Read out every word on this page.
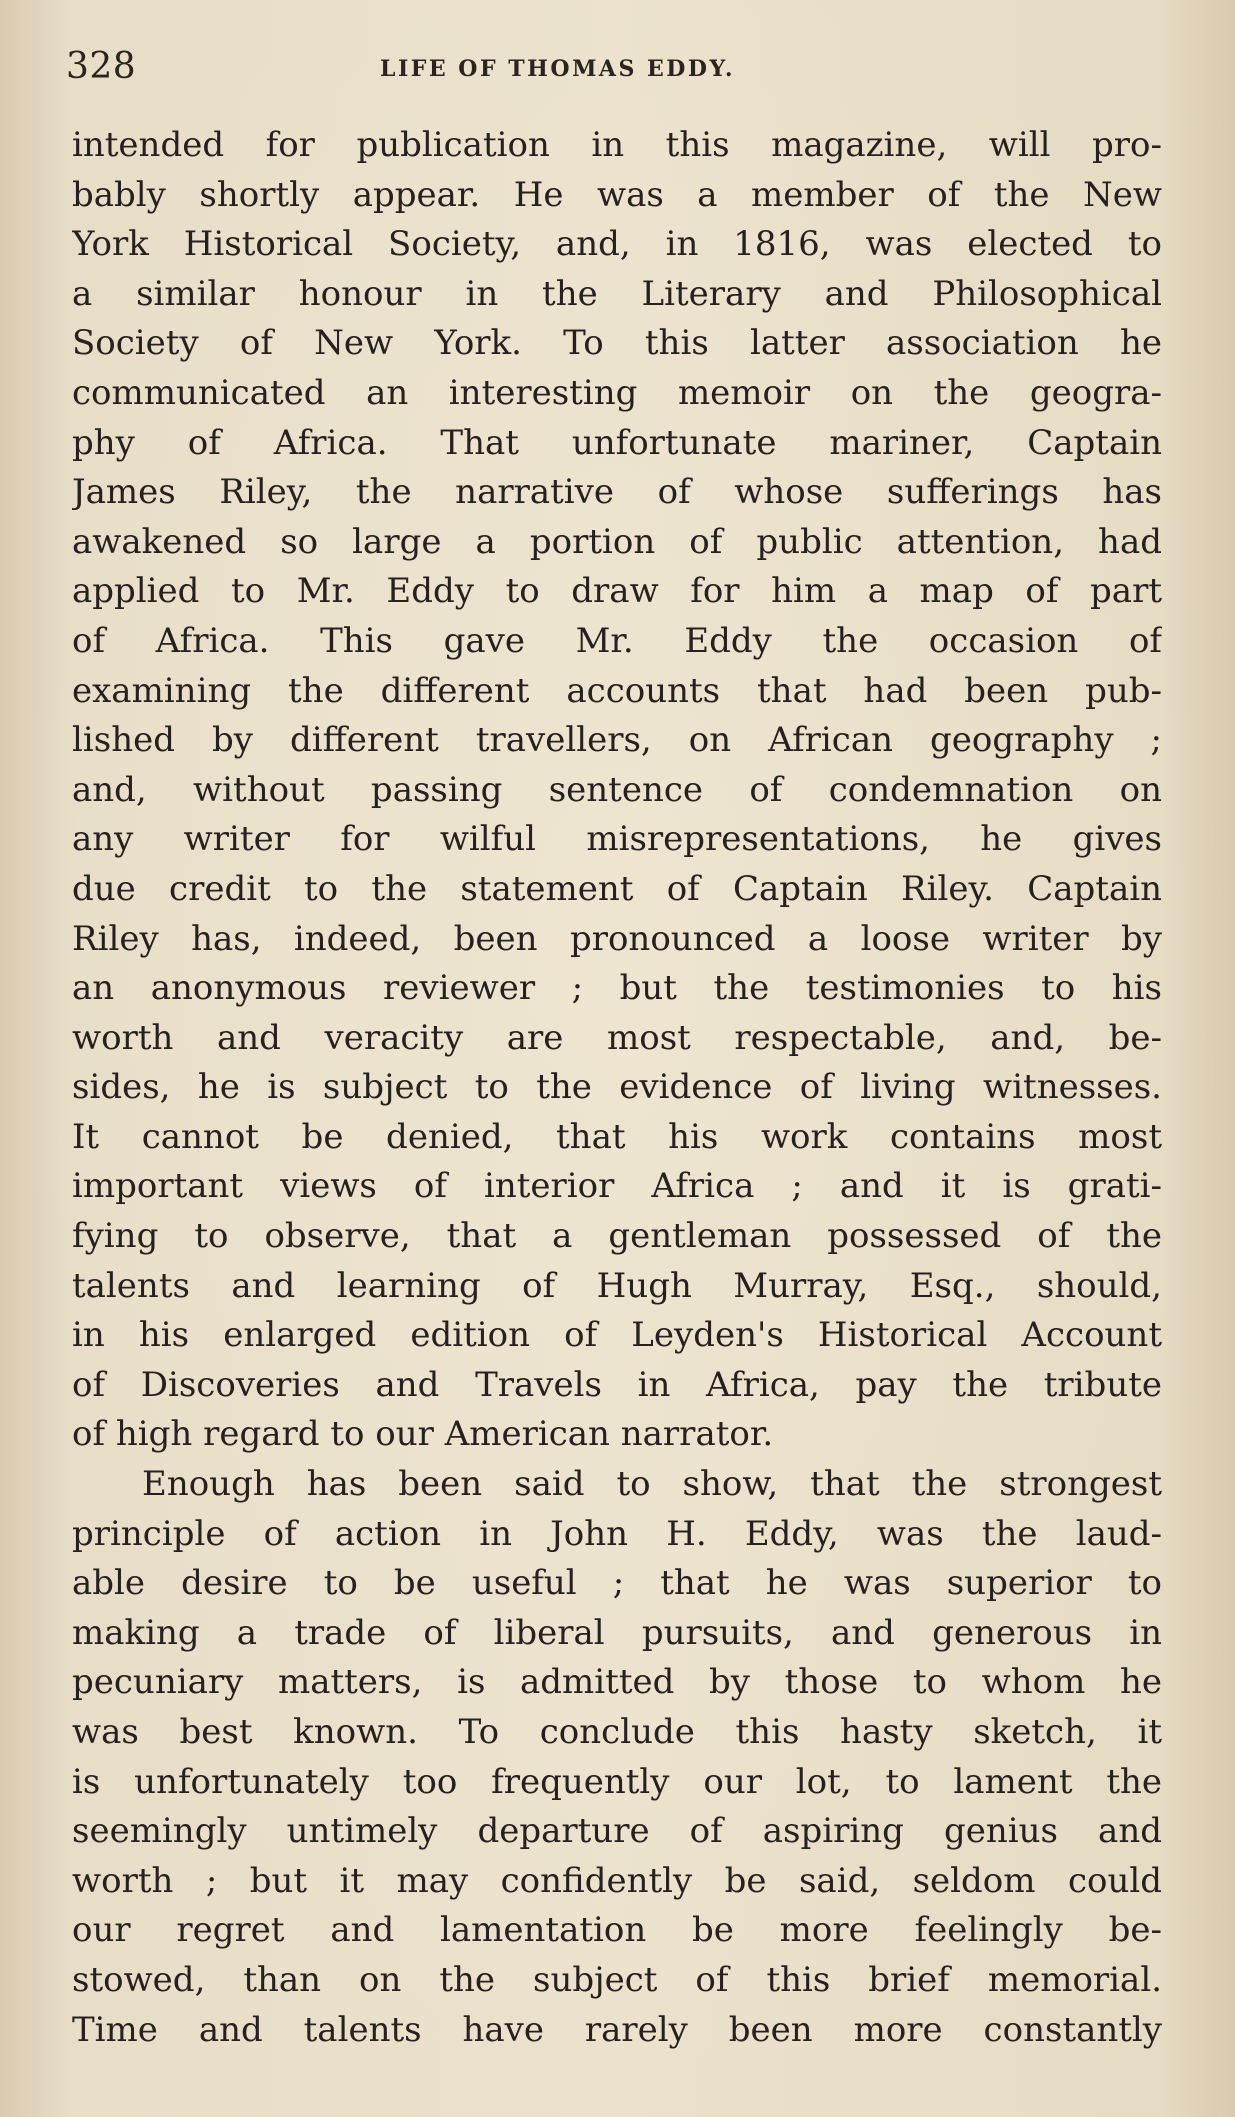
328	LIFE OF THOMAS EDDY.
intended for publication in this magazine, will pro-
bably shortly appear. He was a member of the New
York Historical Society, and, in 1816, was elected to
a similar honour in the Literary and Philosophical
Society of New York. To this latter association he
communicated an interesting memoir on the geogra-
phy of Africa. That unfortunate mariner, Captain
James Riley, the narrative of whose sufferings has
awakened so large a portion of public attention, had
applied to Mr. Eddy to draw for him a map of part
of Africa. This gave Mr. Eddy the occasion of
examining the different accounts that had been pub-
lished by different travellers, on African geography ;
and, without passing sentence of condemnation on
any writer for wilful misrepresentations, he gives
due credit to the statement of Captain Riley. Captain
Riley has, indeed, been pronounced a loose writer by
an anonymous reviewer ; but the testimonies to his
worth and veracity are most respectable, and, be-
sides, he is subject to the evidence of living witnesses.
It cannot be denied, that his work contains most
important views of interior Africa ; and it is grati-
fying to observe, that a gentleman possessed of the
talents and learning of Hugh Murray, Esq., should,
in his enlarged edition of Leyden's Historical Account
of Discoveries and Travels in Africa, pay the tribute
of high regard to our American narrator.
Enough has been said to show, that the strongest
principle of action in John H. Eddy, was the laud-
able desire to be useful ; that he was superior to
making a trade of liberal pursuits, and generous in
pecuniary matters, is admitted by those to whom he
was best known. To conclude this hasty sketch, it
is unfortunately too frequently our lot, to lament the
seemingly untimely departure of aspiring genius and
worth ; but it may confidently be said, seldom could
our regret and lamentation be more feelingly be-
stowed, than on the subject of this brief memorial.
Time and talents have rarely been more constantly
